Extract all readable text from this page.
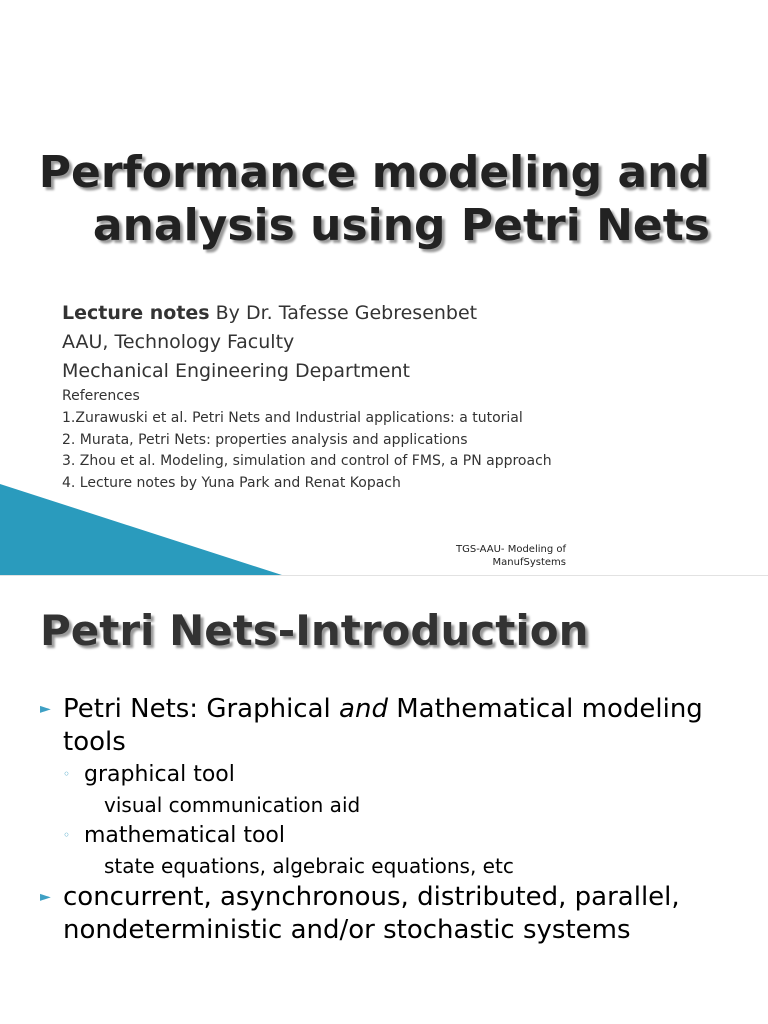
Performance modeling and analysis using Petri Nets
Lecture notes By Dr. Tafesse Gebresenbet
AAU, Technology Faculty
Mechanical Engineering Department
References
1.Zurawuski et al. Petri Nets and Industrial applications: a tutorial
2. Murata, Petri Nets: properties analysis and applications
3. Zhou et al. Modeling, simulation and control of FMS, a PN approach
4. Lecture notes by Yuna Park and Renat Kopach
TGS-AAU- Modeling of
ManufSystems
Petri Nets-Introduction
► Petri Nets: Graphical and Mathematical modeling tools
◦ graphical tool
visual communication aid
◦ mathematical tool
state equations, algebraic equations, etc
► concurrent, asynchronous, distributed, parallel, nondeterministic and/or stochastic systems
